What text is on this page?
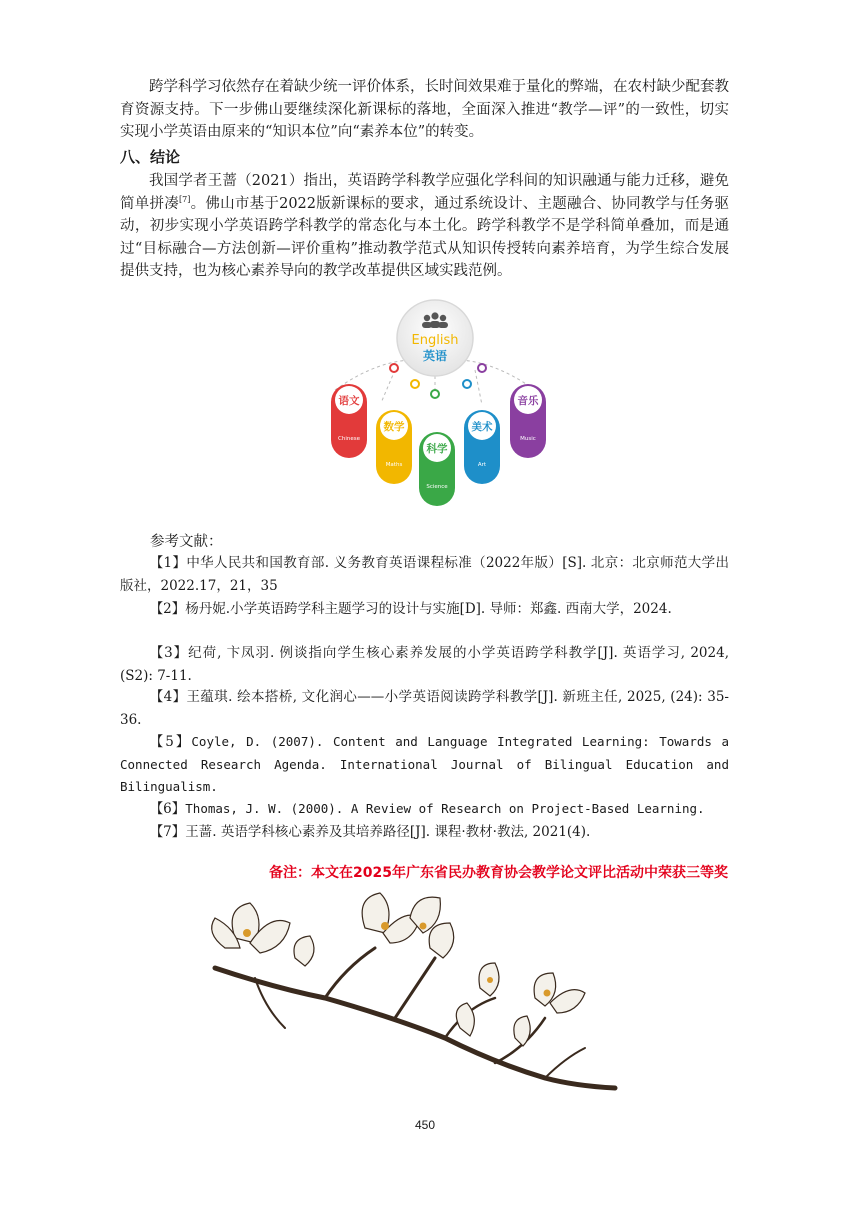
跨学科学习依然存在着缺少统一评价体系，长时间效果难于量化的弊端，在农村缺少配套教育资源支持。下一步佛山要继续深化新课标的落地，全面深入推进“教学—评”的一致性，切实实现小学英语由原来的“知识本位”向“素养本位”的转变。

八、结论

我国学者王蔷（2021）指出，英语跨学科教学应强化学科间的知识融通与能力迁移，避免简单拼凑[7]。佛山市基于2022版新课标的要求，通过系统设计、主题融合、协同教学与任务驱动，初步实现小学英语跨学科教学的常态化与本土化。跨学科教学不是学科简单叠加，而是通过“目标融合—方法创新—评价重构”推动教学范式从知识传授转向素养培育，为学生综合发展提供支持，也为核心素养导向的教学改革提供区域实践范例。

English
英语
语文
Chinese
数学
Maths
科学
Science
美术
Art
音乐
Music

参考文献：

【1】中华人民共和国教育部. 义务教育英语课程标准（2022年版）[S]. 北京：北京师范大学出版社，2022.17，21，35

【2】杨丹妮.小学英语跨学科主题学习的设计与实施[D]. 导师：郑鑫. 西南大学，2024.

【3】纪荷, 卞凤羽. 例谈指向学生核心素养发展的小学英语跨学科教学[J]. 英语学习, 2024, (S2): 7-11.

【4】王蕴琪. 绘本搭桥, 文化润心——小学英语阅读跨学科教学[J]. 新班主任, 2025, (24): 35-36.

【5】Coyle, D. (2007). Content and Language Integrated Learning: Towards a Connected Research Agenda. International Journal of Bilingual Education and Bilingualism.

【6】Thomas, J. W. (2000). A Review of Research on Project-Based Learning.

【7】王蔷. 英语学科核心素养及其培养路径[J]. 课程·教材·教法, 2021(4).

备注：本文在2025年广东省民办教育协会教学论文评比活动中荣获三等奖

450
